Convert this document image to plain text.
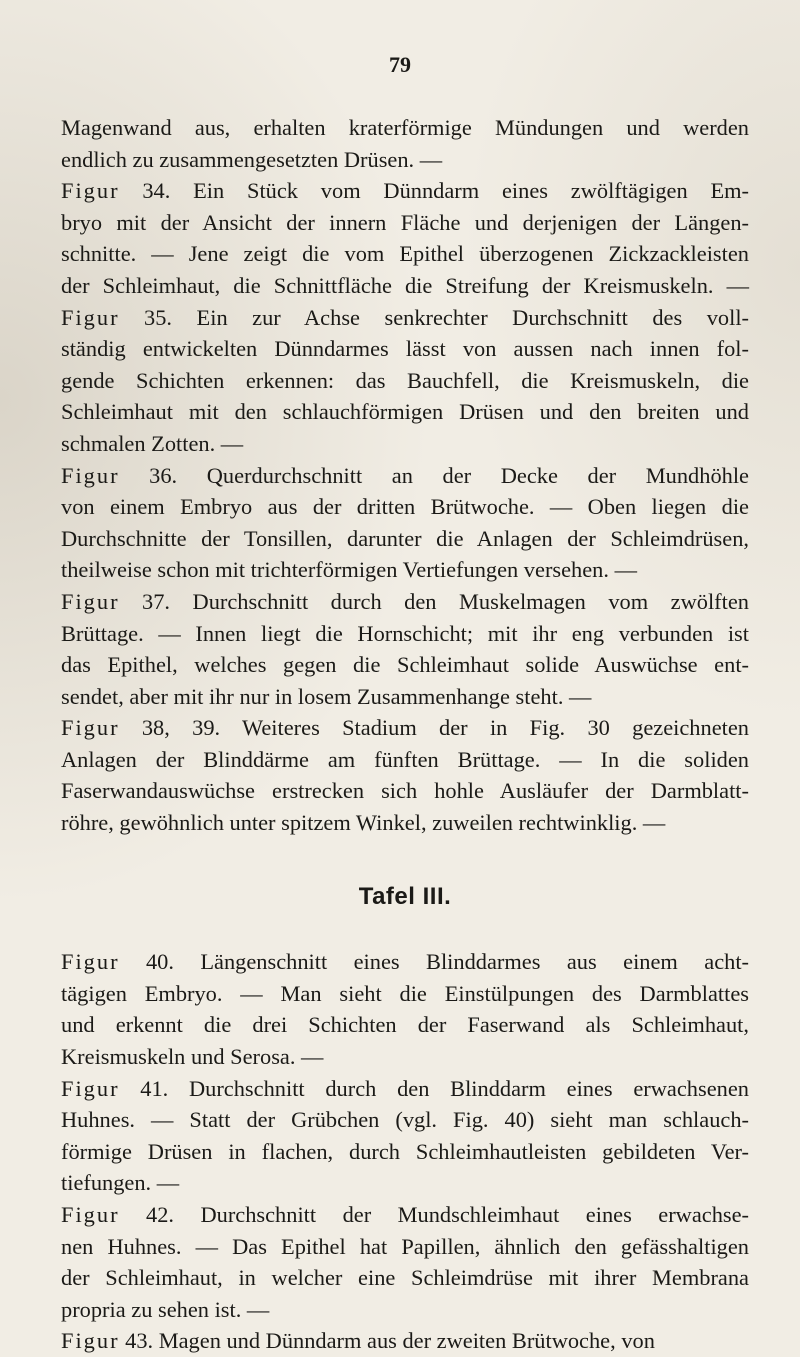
79
Magenwand aus, erhalten kraterförmige Mündungen und werden
endlich zu zusammengesetzten Drüsen. —
Figur 34. Ein Stück vom Dünndarm eines zwölftägigen Em-
bryo mit der Ansicht der innern Fläche und derjenigen der Längen-
schnitte. — Jene zeigt die vom Epithel überzogenen Zickzackleisten
der Schleimhaut, die Schnittfläche die Streifung der Kreismuskeln. —
Figur 35. Ein zur Achse senkrechter Durchschnitt des voll-
ständig entwickelten Dünndarmes lässt von aussen nach innen fol-
gende Schichten erkennen: das Bauchfell, die Kreismuskeln, die
Schleimhaut mit den schlauchförmigen Drüsen und den breiten und
schmalen Zotten. —
Figur 36. Querdurchschnitt an der Decke der Mundhöhle
von einem Embryo aus der dritten Brütwoche. — Oben liegen die
Durchschnitte der Tonsillen, darunter die Anlagen der Schleimdrüsen,
theilweise schon mit trichterförmigen Vertiefungen versehen. —
Figur 37. Durchschnitt durch den Muskelmagen vom zwölften
Brüttage. — Innen liegt die Hornschicht; mit ihr eng verbunden ist
das Epithel, welches gegen die Schleimhaut solide Auswüchse ent-
sendet, aber mit ihr nur in losem Zusammenhange steht. —
Figur 38, 39. Weiteres Stadium der in Fig. 30 gezeichneten
Anlagen der Blinddärme am fünften Brüttage. — In die soliden
Faserwandauswüchse erstrecken sich hohle Ausläufer der Darmblatt-
röhre, gewöhnlich unter spitzem Winkel, zuweilen rechtwinklig. —
Tafel III.
Figur 40. Längenschnitt eines Blinddarmes aus einem acht-
tägigen Embryo. — Man sieht die Einstülpungen des Darmblattes
und erkennt die drei Schichten der Faserwand als Schleimhaut,
Kreismuskeln und Serosa. —
Figur 41. Durchschnitt durch den Blinddarm eines erwachsenen
Huhnes. — Statt der Grübchen (vgl. Fig. 40) sieht man schlauch-
förmige Drüsen in flachen, durch Schleimhautleisten gebildeten Ver-
tiefungen. —
Figur 42. Durchschnitt der Mundschleimhaut eines erwachse-
nen Huhnes. — Das Epithel hat Papillen, ähnlich den gefässhaltigen
der Schleimhaut, in welcher eine Schleimdrüse mit ihrer Membrana
propria zu sehen ist. —
Figur 43. Magen und Dünndarm aus der zweiten Brütwoche, von
